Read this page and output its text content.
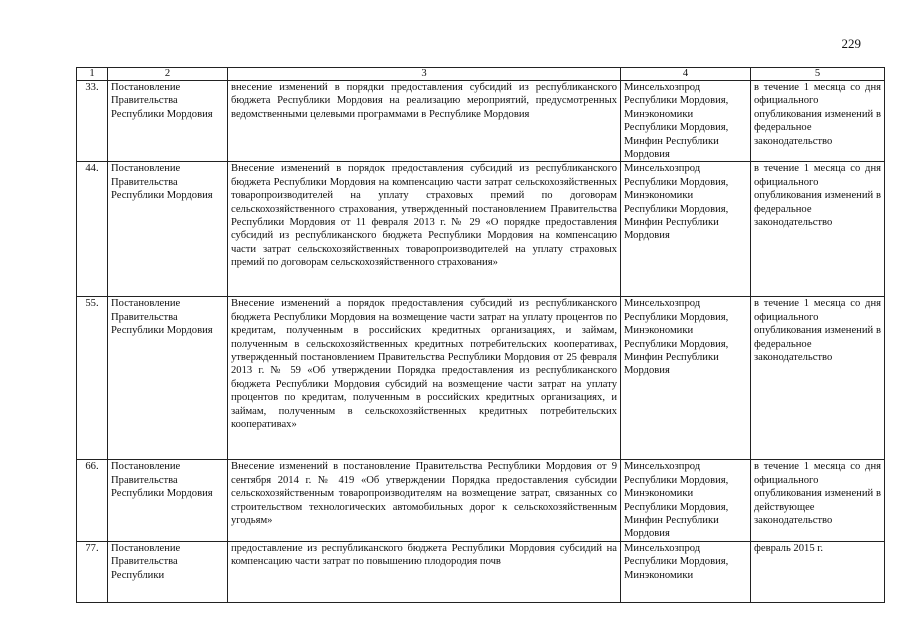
229
1	2	3	4	5
33.	Постановление Правительства Республики Мордовия	внесение изменений в порядки предоставления субсидий из республиканского бюджета Республики Мордовия на реализацию мероприятий, предусмотренных ведомственными целевыми программами в Республике Мордовия	Минсельхозпрод Республики Мордовия, Минэкономики Республики Мордовия, Минфин Республики Мордовия	в течение 1 месяца со дня официального опубликования изменений в федеральное законодательство
44.	Постановление Правительства Республики Мордовия	Внесение изменений в порядок предоставления субсидий из республиканского бюджета Республики Мордовия на компенсацию части затрат сельскохозяйственных товаропроизводителей на уплату страховых премий по договорам сельскохозяйственного страхования, утвержденный постановлением Правительства Республики Мордовия от 11 февраля 2013 г. № 29 «О порядке предоставления субсидий из республиканского бюджета Республики Мордовия на компенсацию части затрат сельскохозяйственных товаропроизводителей на уплату страховых премий по договорам сельскохозяйственного страхования»	Минсельхозпрод Республики Мордовия, Минэкономики Республики Мордовия, Минфин Республики Мордовия	в течение 1 месяца со дня официального опубликования изменений в федеральное законодательство
55.	Постановление Правительства Республики Мордовия	Внесение изменений а порядок предоставления субсидий из республиканского бюджета Республики Мордовия на возмещение части затрат на уплату процентов по кредитам, полученным в российских кредитных организациях, и займам, полученным в сельскохозяйственных кредитных потребительских кооперативах, утвержденный постановлением Правительства Республики Мордовия от 25 февраля 2013 г. № 59 «Об утверждении Порядка предоставления из республиканского бюджета Республики Мордовия субсидий на возмещение части затрат на уплату процентов по кредитам, полученным в российских кредитных организациях, и займам, полученным в сельскохозяйственных кредитных потребительских кооперативах»	Минсельхозпрод Республики Мордовия, Минэкономики Республики Мордовия, Минфин Республики Мордовия	в течение 1 месяца со дня официального опубликования изменений в федеральное законодательство
66.	Постановление Правительства Республики Мордовия	Внесение изменений в постановление Правительства Республики Мордовия от 9 сентября 2014 г. № 419 «Об утверждении Порядка предоставления субсидии сельскохозяйственным товаропроизводителям на возмещение затрат, связанных со строительством технологических автомобильных дорог к сельскохозяйственным угодьям»	Минсельхозпрод Республики Мордовия, Минэкономики Республики Мордовия, Минфин Республики Мордовия	в течение 1 месяца со дня официального опубликования изменений в действующее законодательство
77.	Постановление Правительства Республики	предоставление из республиканского бюджета Республики Мордовия субсидий на компенсацию части затрат по повышению плодородия почв	Минсельхозпрод Республики Мордовия, Минэкономики	февраль 2015 г.
